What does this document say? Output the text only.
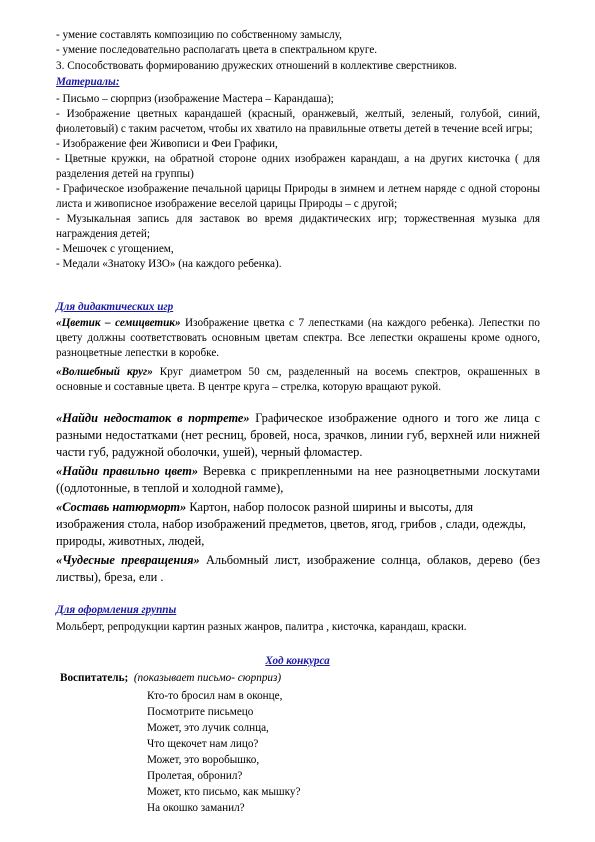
- умение составлять композицию по собственному замыслу,
- умение последовательно располагать цвета в спектральном круге.
3. Способствовать формированию дружеских отношений в коллективе сверстников.
Материалы:
- Письмо – сюрприз (изображение Мастера – Карандаша);
- Изображение цветных карандашей (красный, оранжевый, желтый, зеленый, голубой, синий, фиолетовый) с таким расчетом, чтобы их хватило на правильные ответы детей в течение всей игры;
- Изображение феи Живописи и Феи Графики,
- Цветные кружки, на обратной стороне одних изображен карандаш, а на других кисточка ( для разделения детей на группы)
- Графическое изображение печальной царицы Природы в зимнем и летнем наряде с одной стороны листа и живописное изображение веселой царицы Природы – с другой;
- Музыкальная запись для заставок во время дидактических игр; торжественная музыка для награждения детей;
- Мешочек с угощением,
- Медали «Знатоку ИЗО» (на каждого ребенка).
Для дидактических игр
«Цветик – семицветик» Изображение цветка с 7 лепестками (на каждого ребенка). Лепестки по цвету должны соответствовать основным цветам спектра. Все лепестки окрашены кроме одного, разноцветные лепестки в коробке.
«Волшебный круг» Круг диаметром 50 см, разделенный на восемь спектров, окрашенных в основные и составные цвета. В центре круга – стрелка, которую вращают рукой.
«Найди недостаток в портрете» Графическое изображение одного и того же лица с разными недостатками (нет ресниц, бровей, носа, зрачков, линии губ, верхней или нижней части губ, радужной оболочки, ушей), черный фломастер.
«Найди правильно цвет» Веревка с прикрепленными на нее разноцветными лоскутами ((одлотонные, в теплой и холодной гамме),
«Составь натюрморт» Картон, набор полосок разной ширины и высоты, для изображения стола, набор изображений предметов, цветов, ягод, грибов , слади, одежды, природы, животных, людей,
«Чудесные превращения» Альбомный лист, изображение солнца, облаков, дерево (без листвы), бреза, ели .
Для оформления группы
Мольберт, репродукции картин разных жанров, палитра , кисточка, карандаш, краски.
Ход конкурса
Воспитатель; (показывает письмо- сюрприз)
Кто-то бросил нам в оконце,
Посмотрите письмецо
Может, это лучик солнца,
Что щекочет нам лицо?
Может, это воробышко,
Пролетая, обронил?
Может, кто письмо, как мышку?
На окошко заманил?
